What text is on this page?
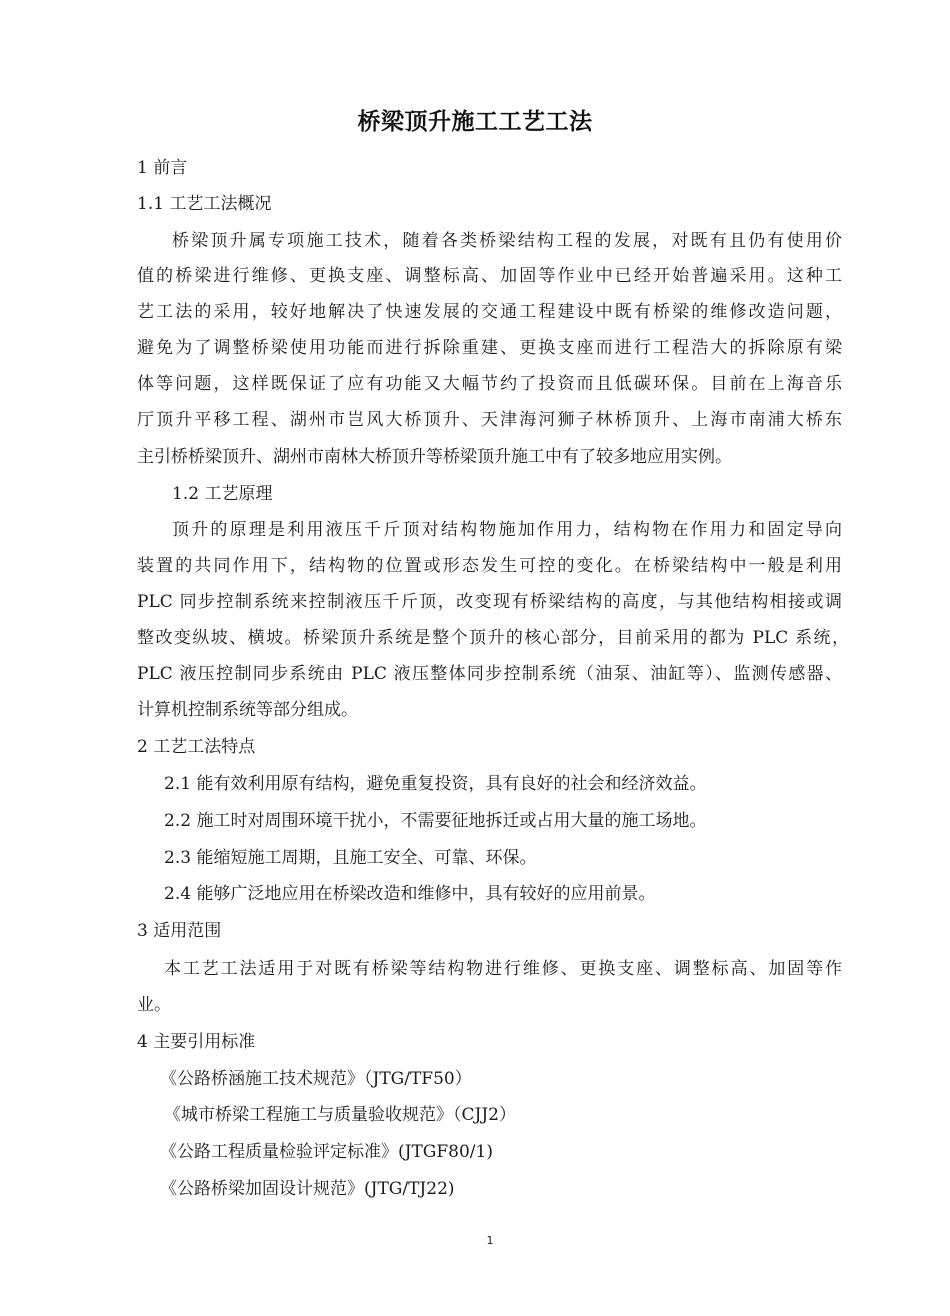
桥梁顶升施工工艺工法
1 前言
1.1 工艺工法概况
桥梁顶升属专项施工技术，随着各类桥梁结构工程的发展，对既有且仍有使用价
值的桥梁进行维修、更换支座、调整标高、加固等作业中已经开始普遍采用。这种工
艺工法的采用，较好地解决了快速发展的交通工程建设中既有桥梁的维修改造问题，
避免为了调整桥梁使用功能而进行拆除重建、更换支座而进行工程浩大的拆除原有梁
体等问题，这样既保证了应有功能又大幅节约了投资而且低碳环保。目前在上海音乐
厅顶升平移工程、湖州市岂风大桥顶升、天津海河狮子林桥顶升、上海市南浦大桥东
主引桥桥梁顶升、湖州市南林大桥顶升等桥梁顶升施工中有了较多地应用实例。
1.2 工艺原理
顶升的原理是利用液压千斤顶对结构物施加作用力，结构物在作用力和固定导向
装置的共同作用下，结构物的位置或形态发生可控的变化。在桥梁结构中一般是利用
PLC 同步控制系统来控制液压千斤顶，改变现有桥梁结构的高度，与其他结构相接或调
整改变纵坡、横坡。桥梁顶升系统是整个顶升的核心部分，目前采用的都为 PLC 系统，
PLC 液压控制同步系统由 PLC 液压整体同步控制系统（油泵、油缸等）、监测传感器、
计算机控制系统等部分组成。
2 工艺工法特点
2.1 能有效利用原有结构，避免重复投资，具有良好的社会和经济效益。
2.2 施工时对周围环境干扰小，不需要征地拆迁或占用大量的施工场地。
2.3 能缩短施工周期，且施工安全、可靠、环保。
2.4 能够广泛地应用在桥梁改造和维修中，具有较好的应用前景。
3 适用范围
本工艺工法适用于对既有桥梁等结构物进行维修、更换支座、调整标高、加固等作
业。
4 主要引用标准
《公路桥涵施工技术规范》（JTG/TF50）
《城市桥梁工程施工与质量验收规范》（CJJ2）
《公路工程质量检验评定标准》(JTGF80/1)
《公路桥梁加固设计规范》(JTG/TJ22)
1
